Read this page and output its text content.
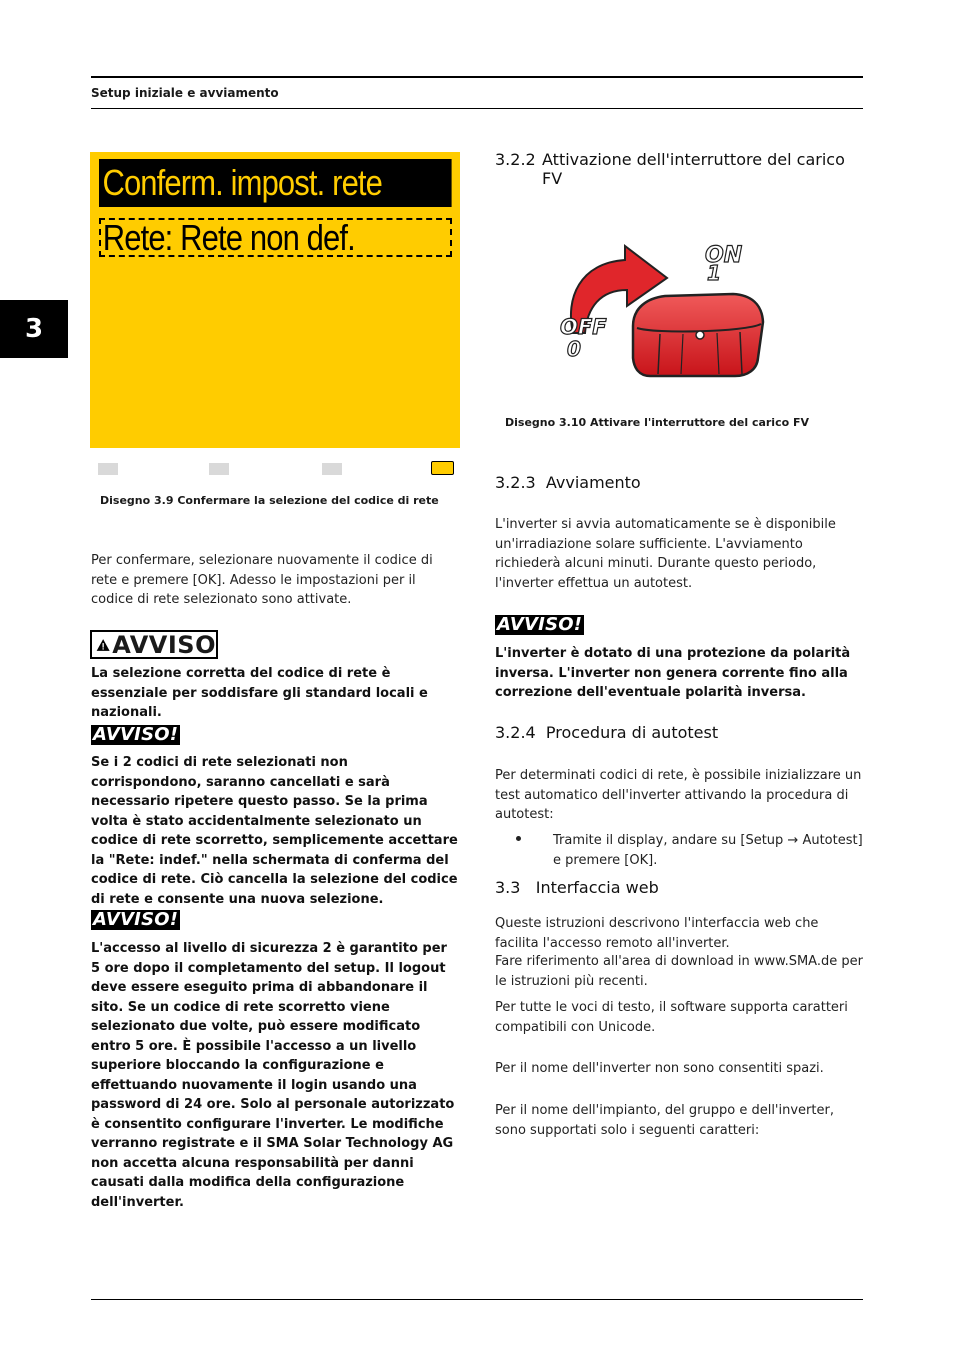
Setup iniziale e avviamento
3
Conferm. impost. rete
Rete: Rete non def.
Disegno 3.9 Confermare la selezione del codice di rete
Per confermare, selezionare nuovamente il codice di rete e premere [OK]. Adesso le impostazioni per il codice di rete selezionato sono attivate.
AVVISO
La selezione corretta del codice di rete è essenziale per soddisfare gli standard locali e nazionali.
AVVISO!
Se i 2 codici di rete selezionati non corrispondono, saranno cancellati e sarà necessario ripetere questo passo. Se la prima volta è stato accidentalmente selezionato un codice di rete scorretto, semplicemente accettare la "Rete: indef." nella schermata di conferma del codice di rete. Ciò cancella la selezione del codice di rete e consente una nuova selezione.
AVVISO!
L'accesso al livello di sicurezza 2 è garantito per 5 ore dopo il completamento del setup. Il logout deve essere eseguito prima di abbandonare il sito. Se un codice di rete scorretto viene selezionato due volte, può essere modificato entro 5 ore. È possibile l'accesso a un livello superiore bloccando la configurazione e effettuando nuovamente il login usando una password di 24 ore. Solo al personale autorizzato è consentito configurare l'inverter. Le modifiche verranno registrate e il SMA Solar Technology AG non accetta alcuna responsabilità per danni causati dalla modifica della configurazione dell'inverter.
3.2.2 Attivazione dell'interruttore del carico FV
ON
1
OFF
0
Disegno 3.10 Attivare l'interruttore del carico FV
3.2.3 Avviamento
L'inverter si avvia automaticamente se è disponibile un'irradiazione solare sufficiente. L'avviamento richiederà alcuni minuti. Durante questo periodo, l'inverter effettua un autotest.
AVVISO!
L'inverter è dotato di una protezione da polarità inversa. L'inverter non genera corrente fino alla correzione dell'eventuale polarità inversa.
3.2.4 Procedura di autotest
Per determinati codici di rete, è possibile inizializzare un test automatico dell'inverter attivando la procedura di autotest:
Tramite il display, andare su [Setup → Autotest] e premere [OK].
3.3 Interfaccia web
Queste istruzioni descrivono l'interfaccia web che facilita l'accesso remoto all'inverter.
Fare riferimento all'area di download in www.SMA.de per le istruzioni più recenti.
Per tutte le voci di testo, il software supporta caratteri compatibili con Unicode.
Per il nome dell'inverter non sono consentiti spazi.
Per il nome dell'impianto, del gruppo e dell'inverter, sono supportati solo i seguenti caratteri:
